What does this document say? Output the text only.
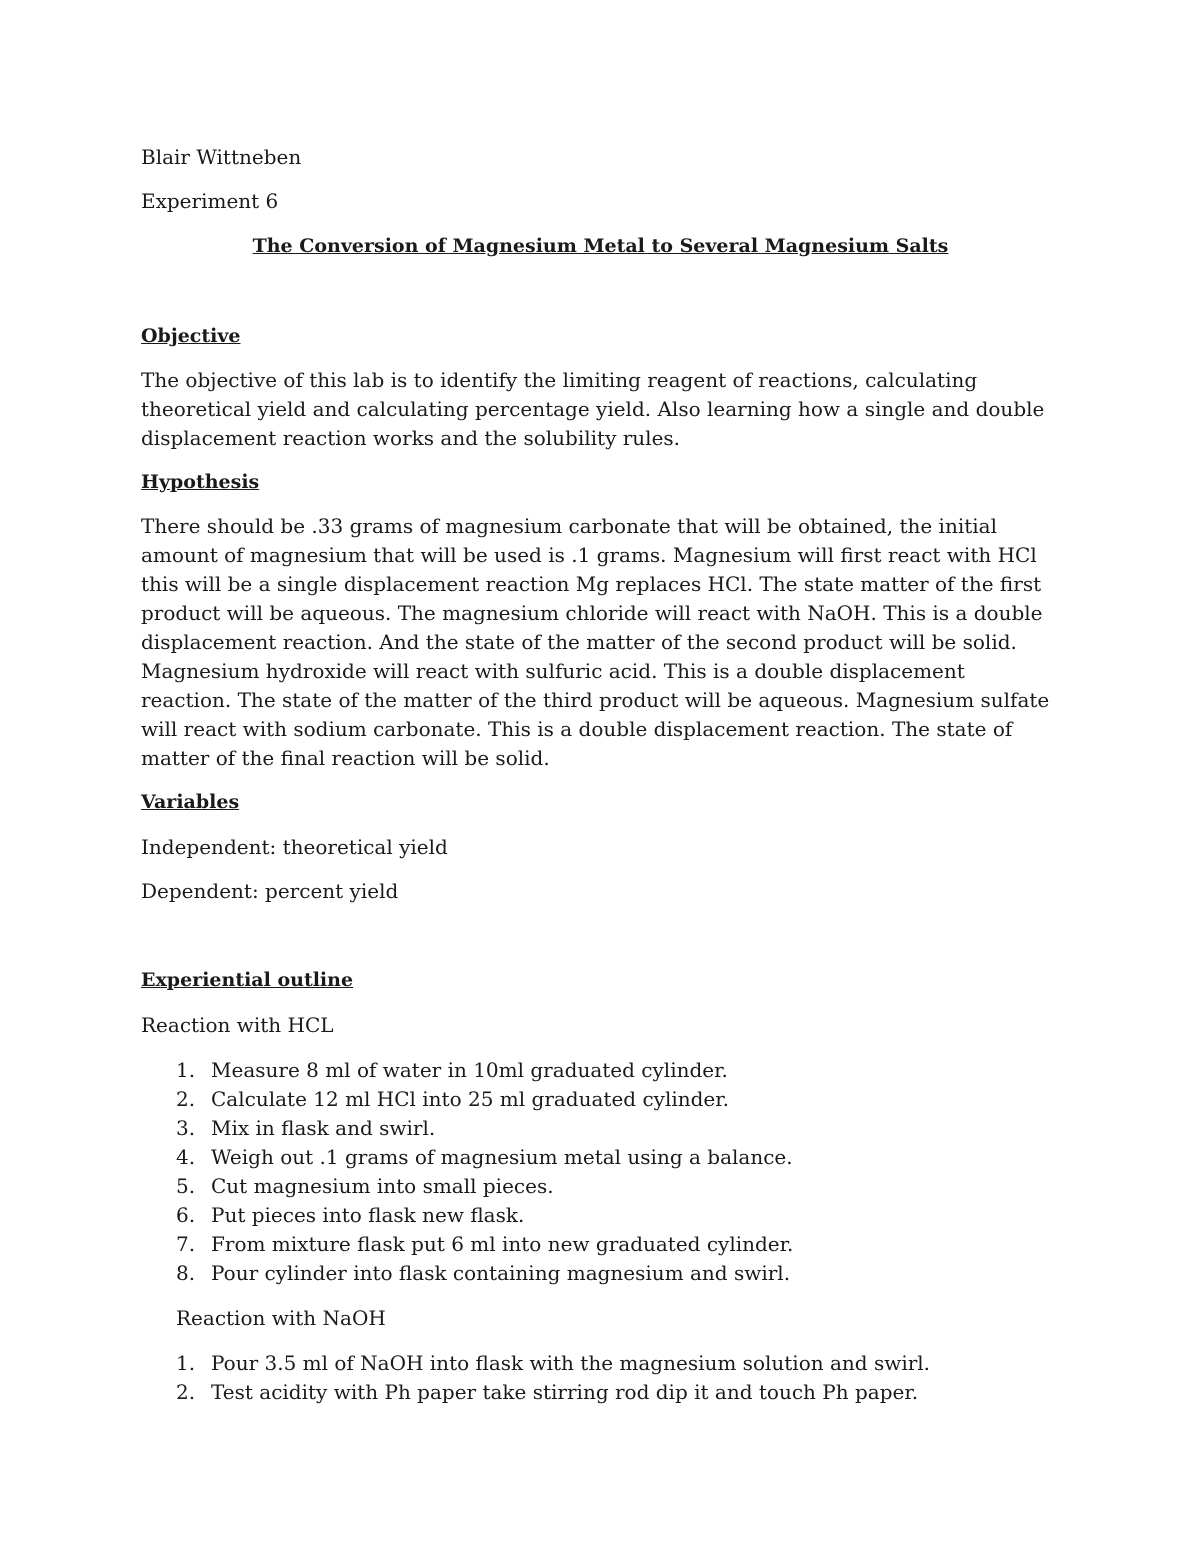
Blair Wittneben

Experiment 6

The Conversion of Magnesium Metal to Several Magnesium Salts

Objective

The objective of this lab is to identify the limiting reagent of reactions, calculating theoretical yield and calculating percentage yield. Also learning how a single and double displacement reaction works and the solubility rules.

Hypothesis

There should be .33 grams of magnesium carbonate that will be obtained, the initial amount of magnesium that will be used is .1 grams. Magnesium will first react with HCl this will be a single displacement reaction Mg replaces HCl. The state matter of the first product will be aqueous. The magnesium chloride will react with NaOH. This is a double displacement reaction. And the state of the matter of the second product will be solid. Magnesium hydroxide will react with sulfuric acid. This is a double displacement reaction. The state of the matter of the third product will be aqueous. Magnesium sulfate will react with sodium carbonate. This is a double displacement reaction. The state of matter of the final reaction will be solid.

Variables

Independent: theoretical yield

Dependent: percent yield

Experiential outline

Reaction with HCL

1. Measure 8 ml of water in 10ml graduated cylinder.
2. Calculate 12 ml HCl into 25 ml graduated cylinder.
3. Mix in flask and swirl.
4. Weigh out .1 grams of magnesium metal using a balance.
5. Cut magnesium into small pieces.
6. Put pieces into flask new flask.
7. From mixture flask put 6 ml into new graduated cylinder.
8. Pour cylinder into flask containing magnesium and swirl.

Reaction with NaOH

1. Pour 3.5 ml of NaOH into flask with the magnesium solution and swirl.
2. Test acidity with Ph paper take stirring rod dip it and touch Ph paper.
